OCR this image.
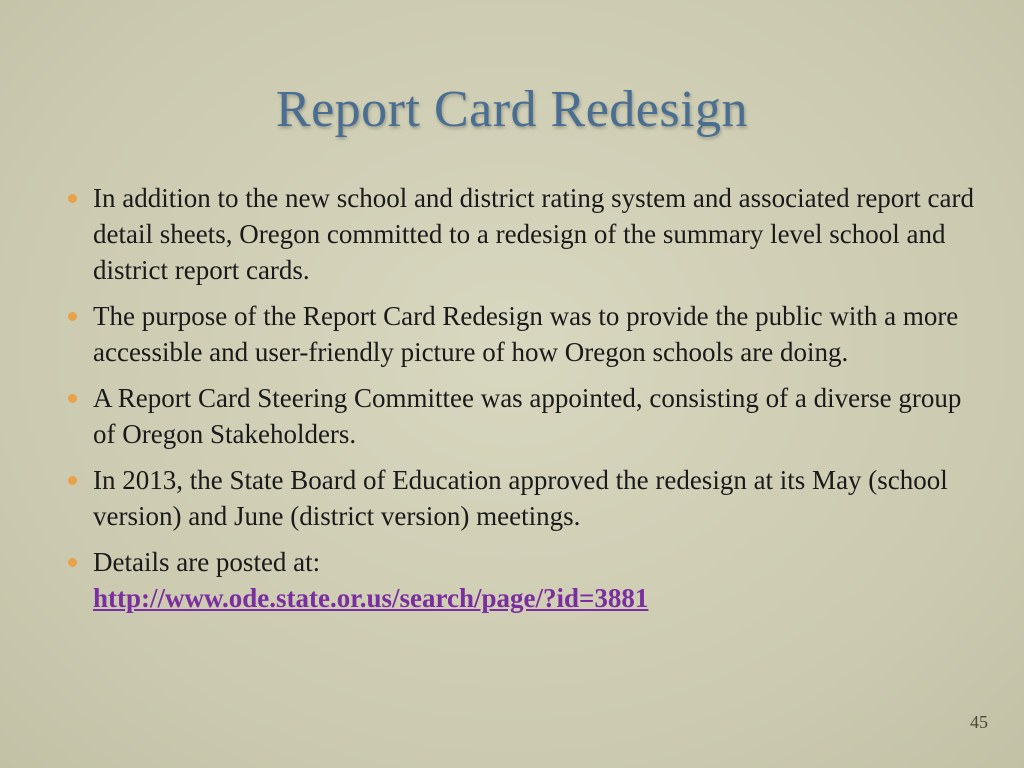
Report Card Redesign
In addition to the new school and district rating system and associated report card detail sheets, Oregon committed to a redesign of the summary level school and district report cards.
The purpose of the Report Card Redesign was to provide the public with a more accessible and user-friendly picture of how Oregon schools are doing.
A Report Card Steering Committee was appointed, consisting of a diverse group of Oregon Stakeholders.
In 2013, the State Board of Education approved the redesign at its May (school version) and June (district version) meetings.
Details are posted at:
http://www.ode.state.or.us/search/page/?id=3881
45
